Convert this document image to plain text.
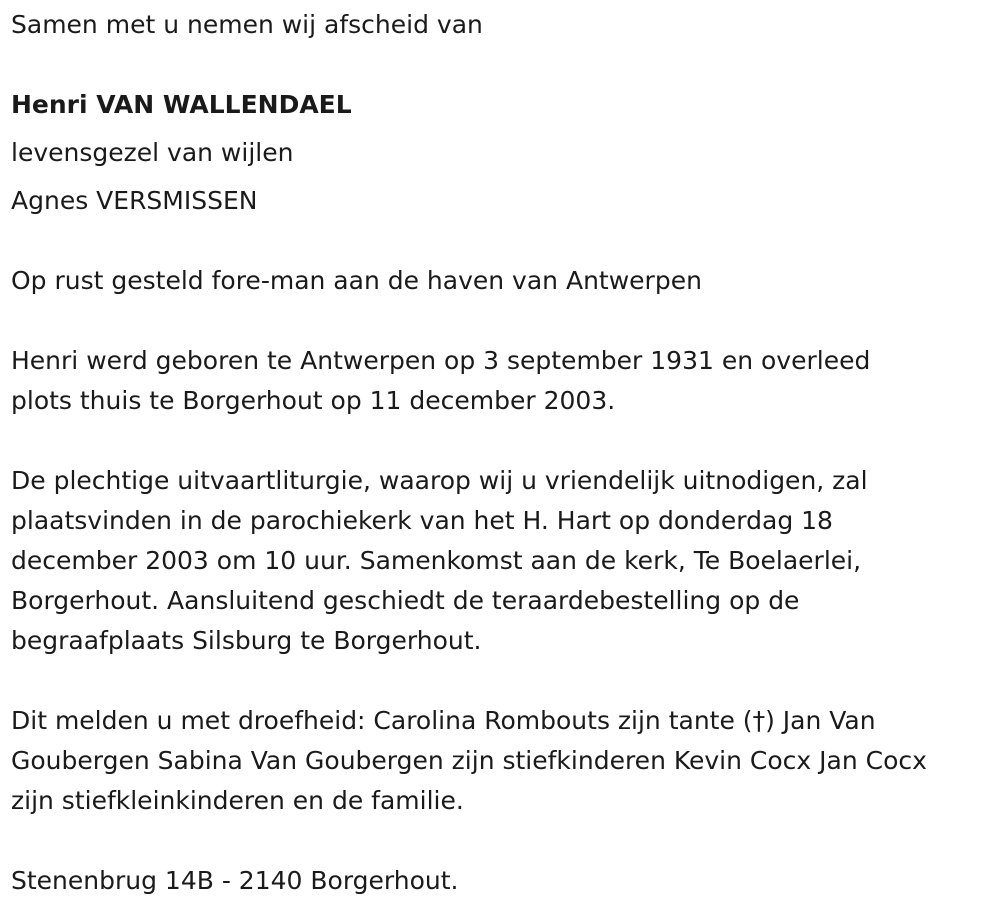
Samen met u nemen wij afscheid van
Henri VAN WALLENDAEL
levensgezel van wijlen
Agnes VERSMISSEN
Op rust gesteld fore-man aan de haven van Antwerpen
Henri werd geboren te Antwerpen op 3 september 1931 en overleed
plots thuis te Borgerhout op 11 december 2003.
De plechtige uitvaartliturgie, waarop wij u vriendelijk uitnodigen, zal
plaatsvinden in de parochiekerk van het H. Hart op donderdag 18
december 2003 om 10 uur. Samenkomst aan de kerk, Te Boelaerlei,
Borgerhout. Aansluitend geschiedt de teraardebestelling op de
begraafplaats Silsburg te Borgerhout.
Dit melden u met droefheid: Carolina Rombouts zijn tante (†) Jan Van
Goubergen Sabina Van Goubergen zijn stiefkinderen Kevin Cocx Jan Cocx
zijn stiefkleinkinderen en de familie.
Stenenbrug 14B - 2140 Borgerhout.
